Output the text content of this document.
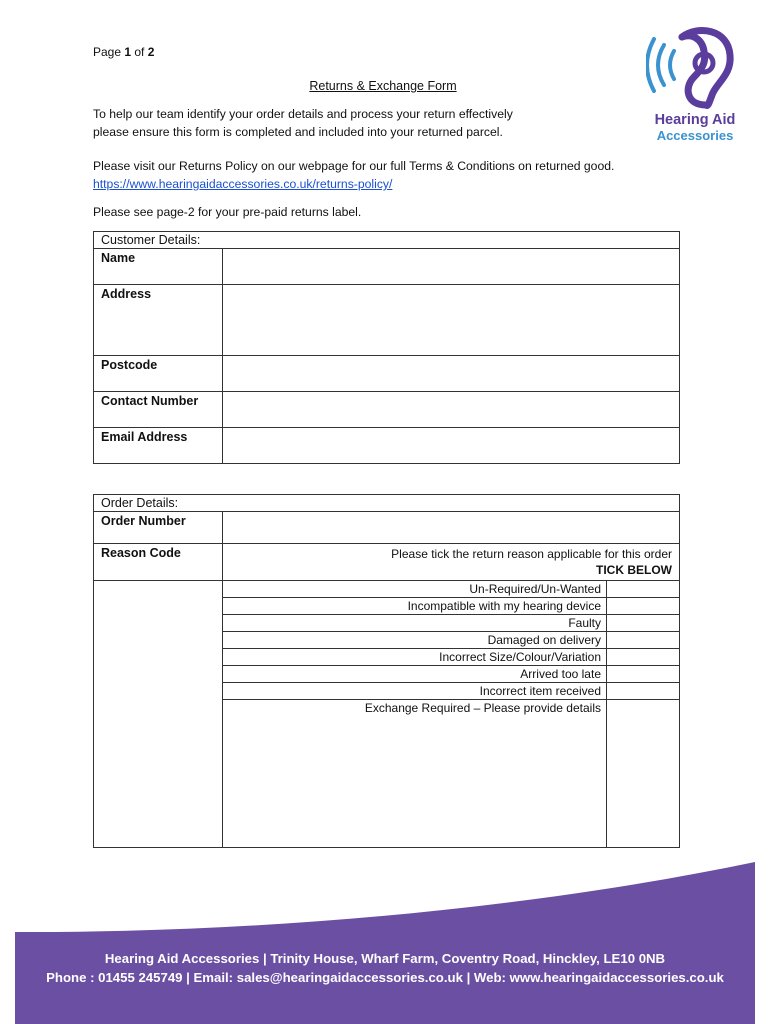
Page 1 of 2
Hearing Aid
Accessories
Returns & Exchange Form
To help our team identify your order details and process your return effectively
please ensure this form is completed and included into your returned parcel.
Please visit our Returns Policy on our webpage for our full Terms & Conditions on returned good.
https://www.hearingaidaccessories.co.uk/returns-policy/
Please see page-2 for your pre-paid returns label.
Customer Details:	
Name	
Address	
Postcode	
Contact Number	
Email Address	
Order Details:		
Order Number		
Reason Code	Please tick the return reason applicable for this order
TICK BELOW	
	Un-Required/Un-Wanted	
	Incompatible with my hearing device	
	Faulty	
	Damaged on delivery	
	Incorrect Size/Colour/Variation	
	Arrived too late	
	Incorrect item received	
	Exchange Required – Please provide details	
Hearing Aid Accessories | Trinity House, Wharf Farm, Coventry Road, Hinckley, LE10 0NB
Phone : 01455 245749 | Email: sales@hearingaidaccessories.co.uk | Web: www.hearingaidaccessories.co.uk
